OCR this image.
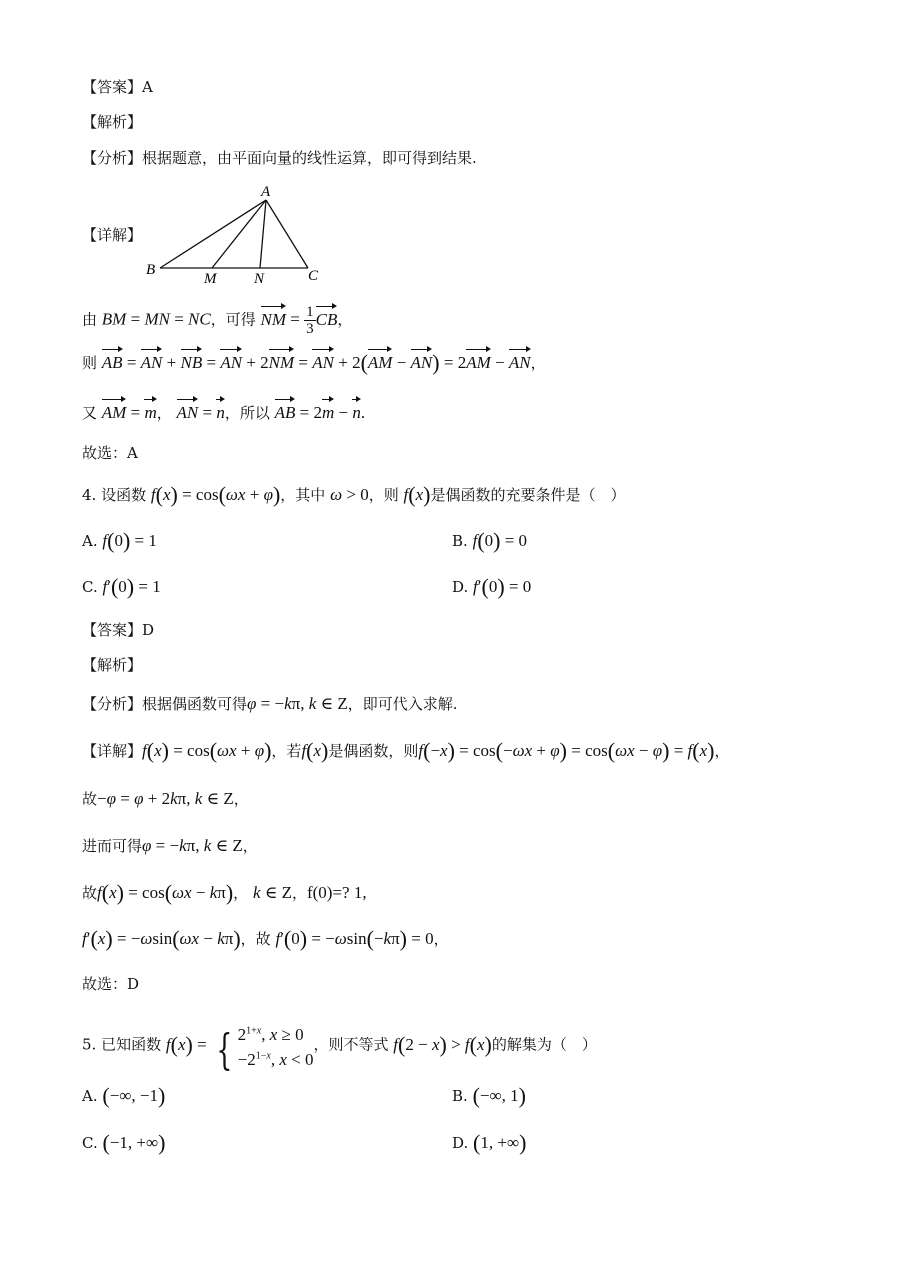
【答案】A
【解析】
【分析】根据题意，由平面向量的线性运算，即可得到结果.
【详解】
A
B
M	N	C
由 BM = MN = NC，可得 NM = $\frac{1}{3}$ CB，
则 AB = AN + NB = AN + 2NM = AN + 2(AM − AN) = 2AM − AN，
又 AM = m， AN = n，所以 AB = 2m − n.
故选：A
4. 设函数 f(x) = cos(ωx + φ)，其中 ω > 0，则 f(x)是偶函数的充要条件是（　）
A. f(0) = 1	B. f(0) = 0
C. f′(0) = 1	D. f′(0) = 0
【答案】D
【解析】
【分析】根据偶函数可得φ = −kπ, k ∈ Z，即可代入求解.
【详解】f(x) = cos(ωx + φ)，若f(x)是偶函数，则f(−x) = cos(−ωx + φ) = cos(ωx − φ) = f(x)，
故−φ = φ + 2kπ, k ∈ Z，
进而可得φ = −kπ, k ∈ Z，
故f(x) = cos(ωx − kπ)， k ∈ Z，f(0)=? 1,
f′(x) = −ωsin(ωx − kπ)，故 f′(0) = −ωsin(−kπ) = 0，
故选：D
5. 已知函数 f(x) = { $2^{1+x}$, x ≥ 0
$-2^{1-x}$, x < 0，则不等式 f(2 − x) > f(x)的解集为（　）
A. (−∞, −1)	B. (−∞, 1)
C. (−1, +∞)	D. (1, +∞)
